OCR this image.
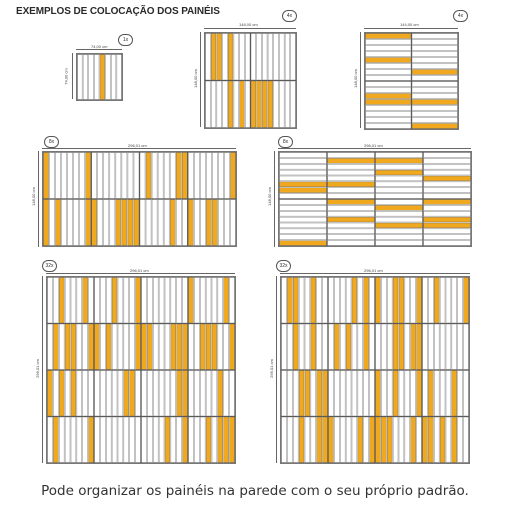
EXEMPLOS DE COLOCAÇÃO DOS PAINÉIS
1x
74,00 cm
74,00 cm
4x
148,00 cm
148,00 cm
4x
144,00 cm
148,00 cm
8x
296,01 cm
148,00 cm
8x
296,01 cm
148,00 cm
32x
296,01 cm
296,01 cm
32x
296,01 cm
296,01 cm
Pode organizar os painéis na parede com o seu próprio padrão.
